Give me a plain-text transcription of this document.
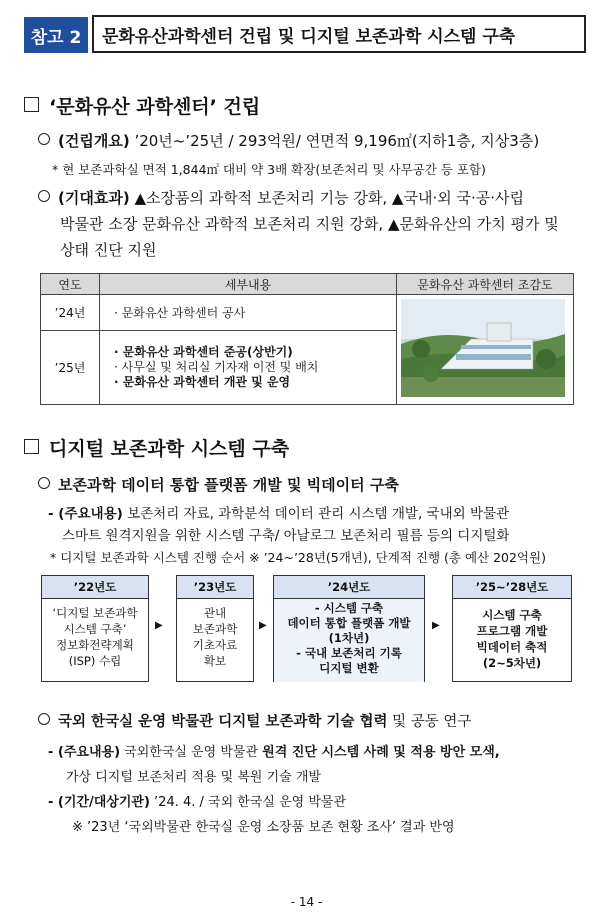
참고 2	문화유산과학센터 건립 및 디지털 보존과학 시스템 구축
‘문화유산 과학센터’ 건립
(건립개요) ’20년~’25년 / 293억원/ 연면적 9,196㎡(지하1층, 지상3층)
* 현 보존과학실 면적 1,844㎡ 대비 약 3배 확장(보존처리 및 사무공간 등 포함)
(기대효과) ▲소장품의 과학적 보존처리 기능 강화, ▲국내·외 국·공·사립
박물관 소장 문화유산 과학적 보존처리 지원 강화, ▲문화유산의 가치 평가 및
상태 진단 지원
연도	세부내용	문화유산 과학센터 조감도
’24년	· 문화유산 과학센터 공사	
’25년	· 문화유산 과학센터 준공(상반기)
· 사무실 및 처리실 기자재 이전 및 배치
· 문화유산 과학센터 개관 및 운영	
디지털 보존과학 시스템 구축
보존과학 데이터 통합 플랫폼 개발 및 빅데이터 구축
- (주요내용) 보존처리 자료, 과학분석 데이터 관리 시스템 개발, 국내외 박물관
스마트 원격지원을 위한 시스템 구축/ 아날로그 보존처리 필름 등의 디지털화
* 디지털 보존과학 시스템 진행 순서 ※ ’24~’28년(5개년), 단계적 진행 (총 예산 202억원)
’22년도
‘디지털 보존과학
시스템 구축’
정보화전략계획
(ISP) 수립
▶
’23년도
관내
보존과학
기초자료
확보
▶
’24년도
- 시스템 구축
데이터 통합 플랫폼 개발
(1차년)
- 국내 보존처리 기록
디지털 변환
▶
’25~’28년도
시스템 구축
프로그램 개발
빅데이터 축적
(2~5차년)
국외 한국실 운영 박물관 디지털 보존과학 기술 협력 및 공동 연구
- (주요내용) 국외한국실 운영 박물관 원격 진단 시스템 사례 및 적용 방안 모색,
가상 디지털 보존처리 적용 및 복원 기술 개발
- (기간/대상기관) ’24. 4. / 국외 한국실 운영 박물관
※ ’23년 ‘국외박물관 한국실 운영 소장품 보존 현황 조사’ 결과 반영
- 14 -
